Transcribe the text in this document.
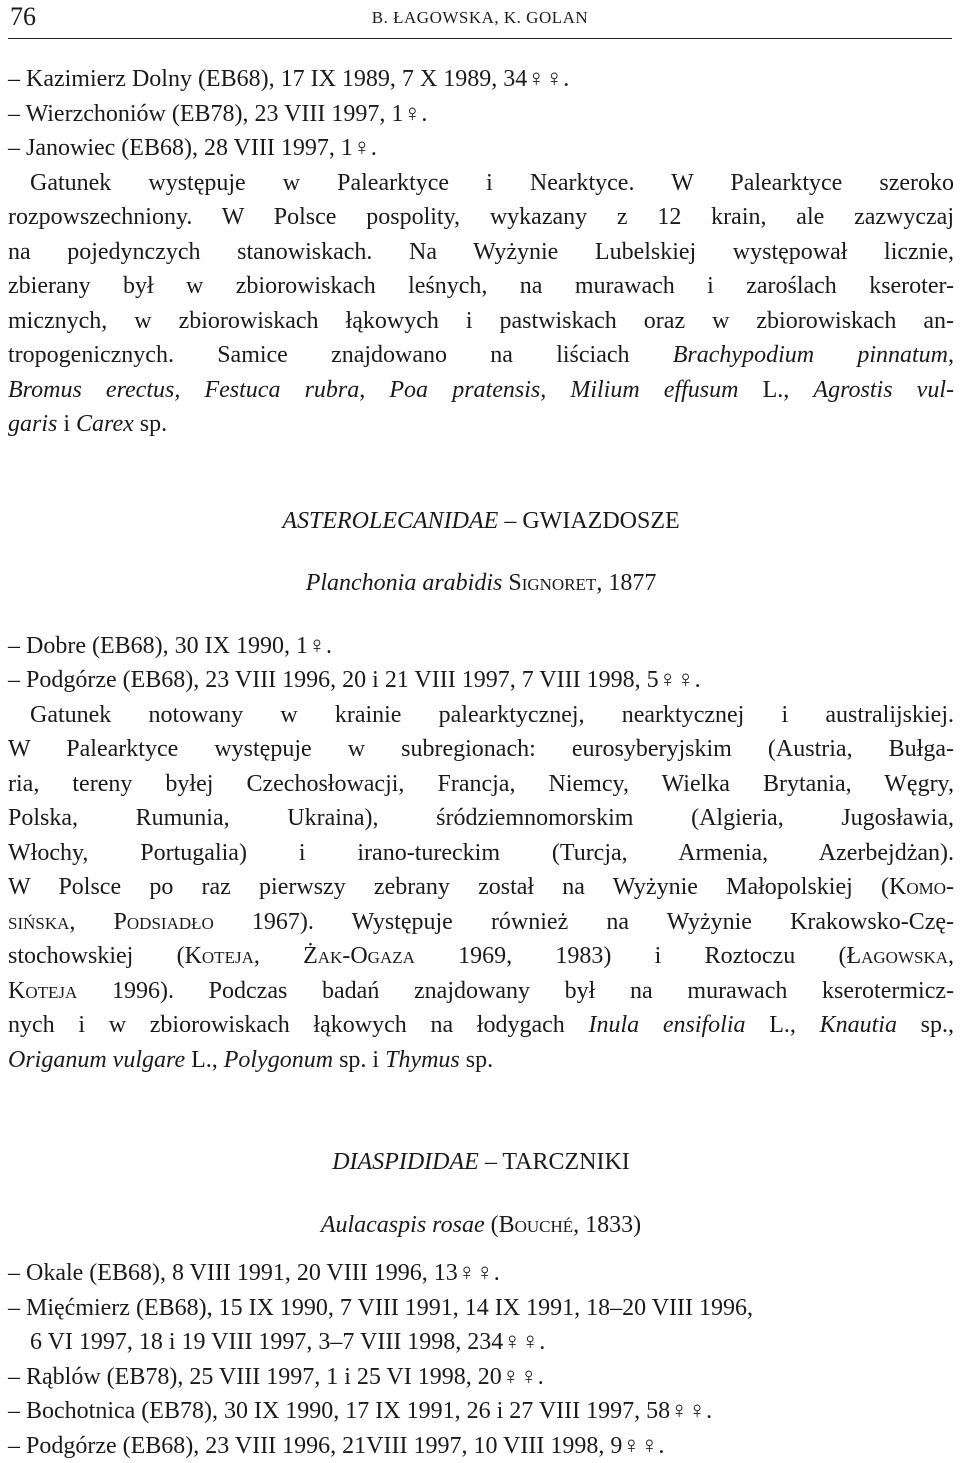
76	B. ŁAGOWSKA, K. GOLAN
– Kazimierz Dolny (EB68), 17 IX 1989, 7 X 1989, 34♀♀.
– Wierzchoniów (EB78), 23 VIII 1997, 1♀.
– Janowiec (EB68), 28 VIII 1997, 1♀.
Gatunek występuje w Palearktyce i Nearktyce. W Palearktyce szeroko
rozpowszechniony. W Polsce pospolity, wykazany z 12 krain, ale zazwyczaj
na pojedynczych stanowiskach. Na Wyżynie Lubelskiej występował licznie,
zbierany był w zbiorowiskach leśnych, na murawach i zaroślach kseroter-
micznych, w zbiorowiskach łąkowych i pastwiskach oraz w zbiorowiskach an-
tropogenicznych. Samice znajdowano na liściach Brachypodium pinnatum,
Bromus erectus, Festuca rubra, Poa pratensis, Milium effusum L., Agrostis vul-
garis i Carex sp.
ASTEROLECANIDAE – GWIAZDOSZE
Planchonia arabidis Signoret, 1877
– Dobre (EB68), 30 IX 1990, 1♀.
– Podgórze (EB68), 23 VIII 1996, 20 i 21 VIII 1997, 7 VIII 1998, 5♀♀.
Gatunek notowany w krainie palearktycznej, nearktycznej i australijskiej.
W Palearktyce występuje w subregionach: eurosyberyjskim (Austria, Bułga-
ria, tereny byłej Czechosłowacji, Francja, Niemcy, Wielka Brytania, Węgry,
Polska, Rumunia, Ukraina), śródziemnomorskim (Algieria, Jugosławia,
Włochy, Portugalia) i irano-tureckim (Turcja, Armenia, Azerbejdżan).
W Polsce po raz pierwszy zebrany został na Wyżynie Małopolskiej (Komo-
sińska, Podsiadło 1967). Występuje również na Wyżynie Krakowsko-Czę-
stochowskiej (Koteja, Żak-Ogaza 1969, 1983) i Roztoczu (Łagowska,
Koteja 1996). Podczas badań znajdowany był na murawach kserotermicz-
nych i w zbiorowiskach łąkowych na łodygach Inula ensifolia L., Knautia sp.,
Origanum vulgare L., Polygonum sp. i Thymus sp.
DIASPIDIDAE – TARCZNIKI
Aulacaspis rosae (Bouché, 1833)
– Okale (EB68), 8 VIII 1991, 20 VIII 1996, 13♀♀.
– Mięćmierz (EB68), 15 IX 1990, 7 VIII 1991, 14 IX 1991, 18–20 VIII 1996,
6 VI 1997, 18 i 19 VIII 1997, 3–7 VIII 1998, 234♀♀.
– Rąblów (EB78), 25 VIII 1997, 1 i 25 VI 1998, 20♀♀.
– Bochotnica (EB78), 30 IX 1990, 17 IX 1991, 26 i 27 VIII 1997, 58♀♀.
– Podgórze (EB68), 23 VIII 1996, 21VIII 1997, 10 VIII 1998, 9♀♀.
